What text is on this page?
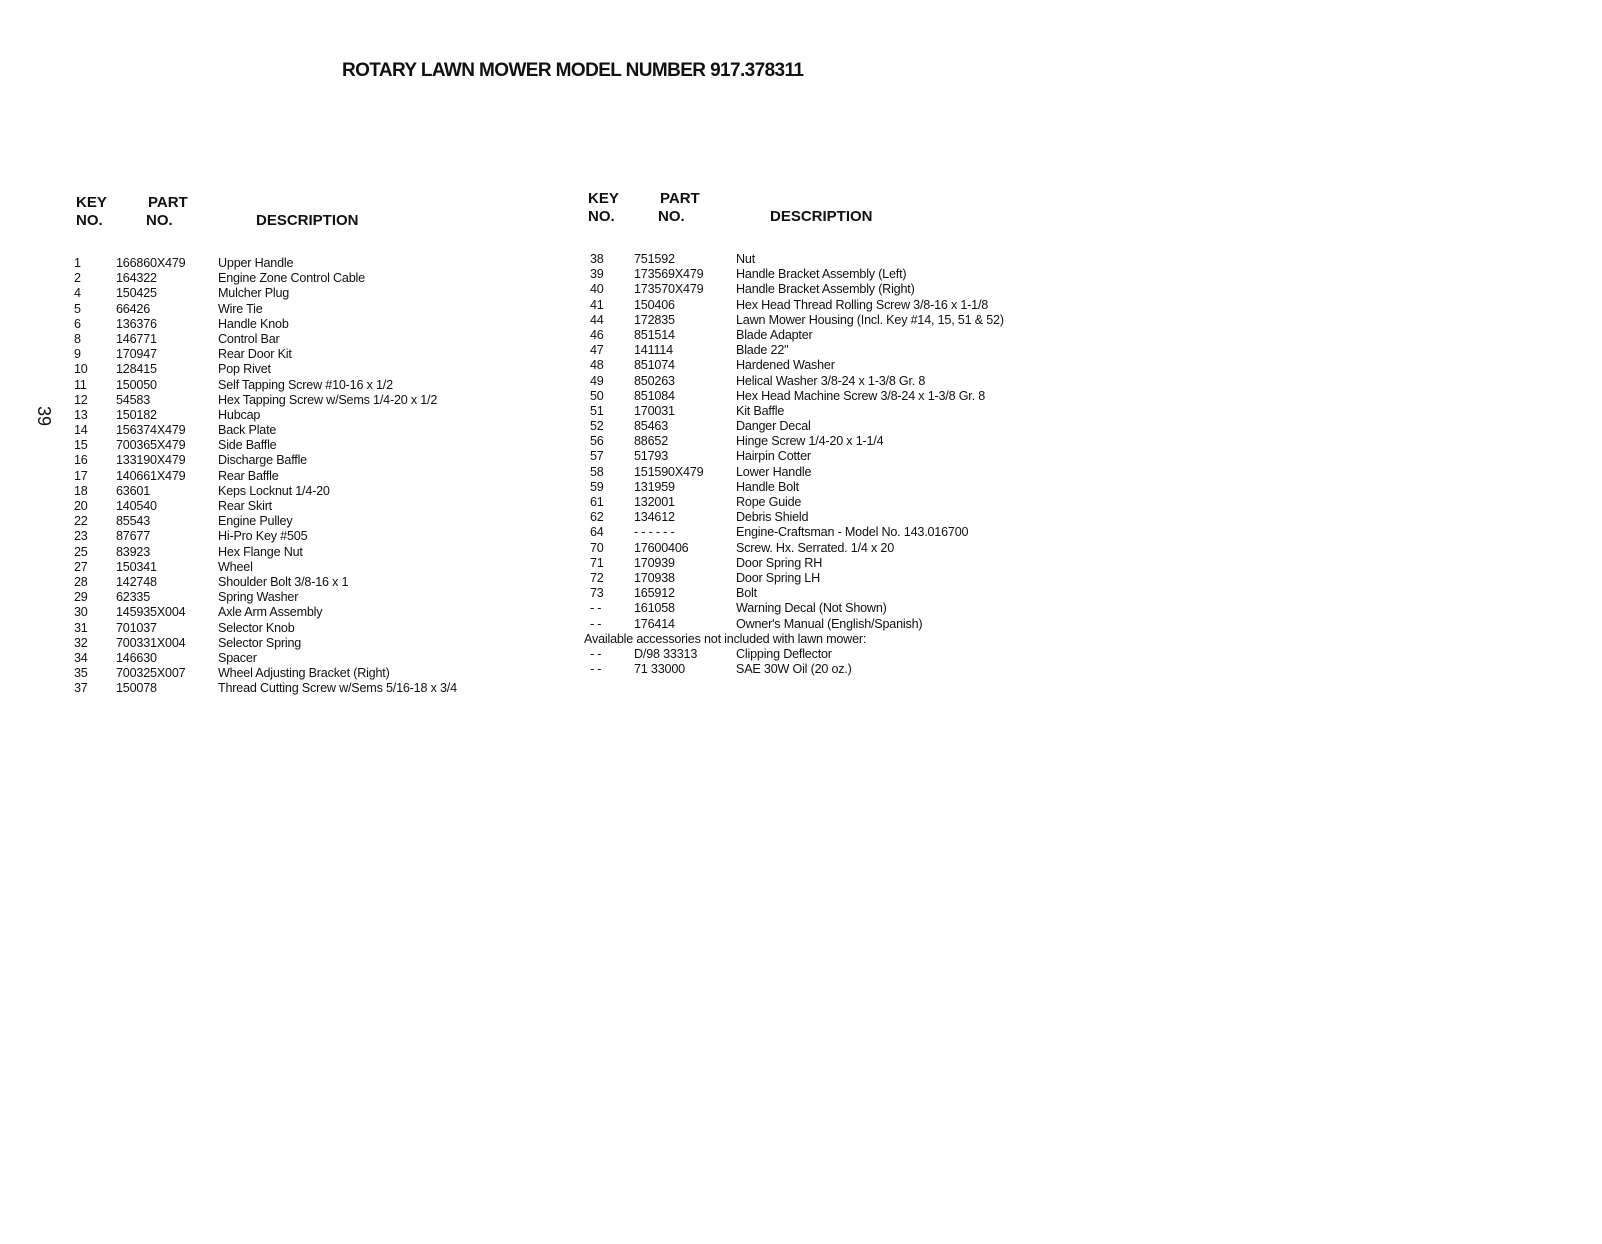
ROTARY LAWN MOWER MODEL NUMBER 917.378311
39
KEY
NO.
PART
NO.	DESCRIPTION
1	166860X479	Upper Handle
2	164322	Engine Zone Control Cable
4	150425	Mulcher Plug
5	66426	Wire Tie
6	136376	Handle Knob
8	146771	Control Bar
9	170947	Rear Door Kit
10 128415	Pop Rivet
11 150050	Self Tapping Screw #10-16 x 1/2
12 54583	Hex Tapping Screw w/Sems 1/4-20 x 1/2
13 150182	Hubcap
14 156374X479	Back Plate
15 700365X479	Side Baffle
16 133190X479	Discharge Baffle
17 140661X479	Rear Baffle
18 63601	Keps Locknut 1/4-20
20 140540	Rear Skirt
22 85543	Engine Pulley
23 87677	Hi-Pro Key #505
25 83923	Hex Flange Nut
27 150341	Wheel
28 142748	Shoulder Bolt 3/8-16 x 1
29 62335	Spring Washer
30 145935X004	Axle Arm Assembly
31 701037	Selector Knob
32 700331X004	Selector Spring
34 146630	Spacer
35 700325X007	Wheel Adjusting Bracket (Right)
37 150078	Thread Cutting Screw w/Sems 5/16-18 x 3/4
KEY
NO.
PART
NO.	DESCRIPTION
38 751592	Nut
39 173569X479	Handle Bracket Assembly (Left)
40 173570X479	Handle Bracket Assembly (Right)
41 150406	Hex Head Thread Rolling Screw 3/8-16 x 1-1/8
44 172835	Lawn Mower Housing (Incl. Key #14, 15, 51 & 52)
46 851514	Blade Adapter
47 141114	Blade 22"
48 851074	Hardened Washer
49 850263	Helical Washer 3/8-24 x 1-3/8 Gr. 8
50 851084	Hex Head Machine Screw 3/8-24 x 1-3/8 Gr. 8
51 170031	Kit Baffle
52 85463	Danger Decal
56 88652	Hinge Screw 1/4-20 x 1-1/4
57 51793	Hairpin Cotter
58 151590X479	Lower Handle
59 131959	Handle Bolt
61 132001	Rope Guide
62 134612	Debris Shield
64 - - - - - -	Engine-Craftsman - Model No. 143.016700
70 17600406	Screw. Hx. Serrated. 1/4 x 20
71 170939	Door Spring RH
72 170938	Door Spring LH
73 165912	Bolt
- -	161058	Warning Decal (Not Shown)
- -	176414	Owner's Manual (English/Spanish)
Available accessories not included with lawn mower:
- -	D/98 33313	Clipping Deflector
- -	71 33000	SAE 30W Oil (20 oz.)
